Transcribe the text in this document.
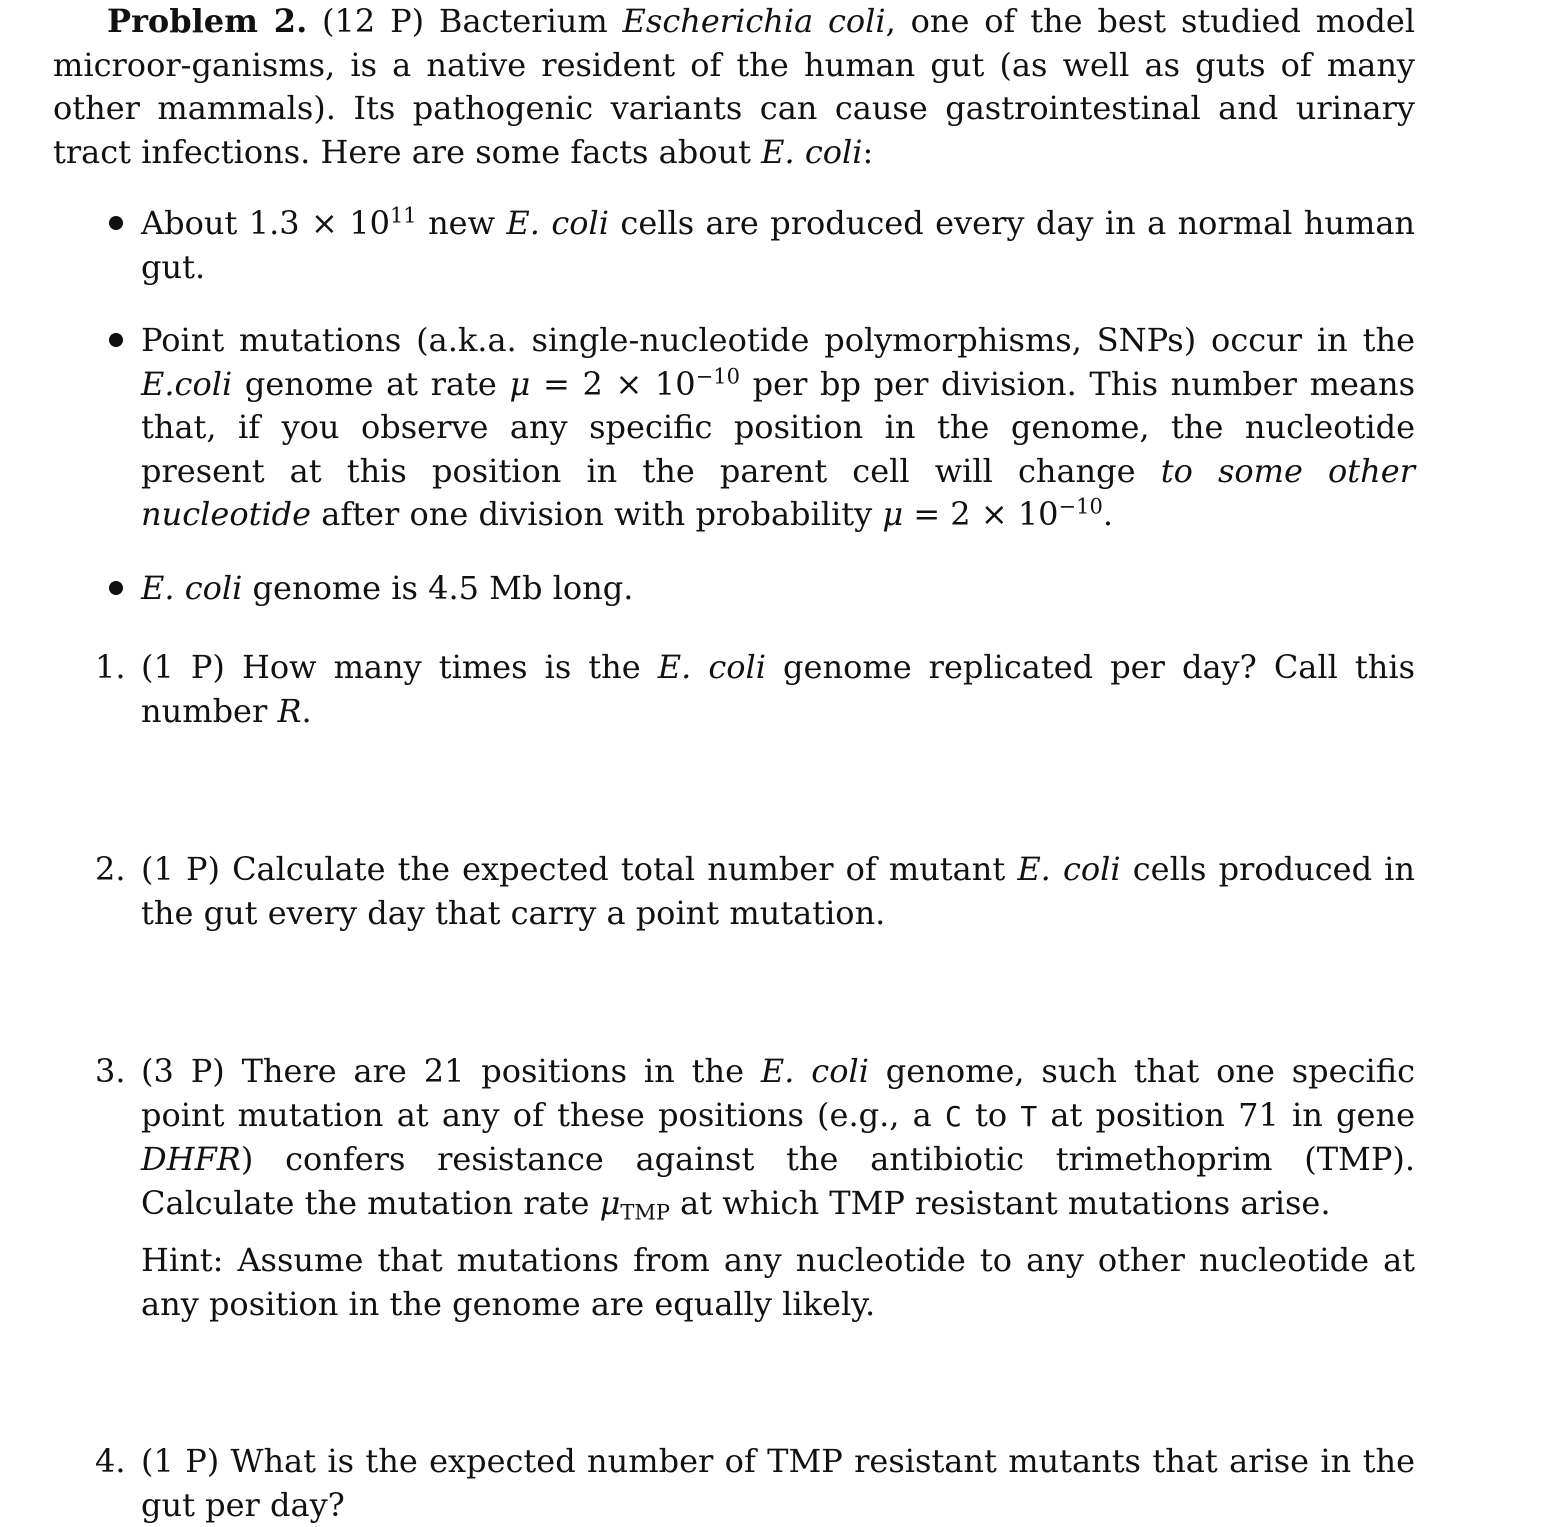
Problem 2. (12 P) Bacterium Escherichia coli, one of the best studied model microor-ganisms, is a native resident of the human gut (as well as guts of many other mammals). Its pathogenic variants can cause gastrointestinal and urinary tract infections. Here are some facts about E. coli:

About $1.3 \times 10^{11}$ new E. coli cells are produced every day in a normal human gut.
Point mutations (a.k.a. single-nucleotide polymorphisms, SNPs) occur in the E.coli genome at rate $\mu = 2 \times 10^{-10}$ per bp per division. This number means that, if you observe any specific position in the genome, the nucleotide present at this position in the parent cell will change to some other nucleotide after one division with probability $\mu = 2 \times 10^{-10}$.
E. coli genome is 4.5 Mb long.
1. (1 P) How many times is the E. coli genome replicated per day? Call this number R.
2. (1 P) Calculate the expected total number of mutant E. coli cells produced in the gut every day that carry a point mutation.
3. (3 P) There are 21 positions in the E. coli genome, such that one specific point mutation at any of these positions (e.g., a C to T at position 71 in gene DHFR) confers resistance against the antibiotic trimethoprim (TMP). Calculate the mutation rate $\mu_{TMP}$ at which TMP resistant mutations arise.
Hint: Assume that mutations from any nucleotide to any other nucleotide at any position in the genome are equally likely.
4. (1 P) What is the expected number of TMP resistant mutants that arise in the gut per day?
